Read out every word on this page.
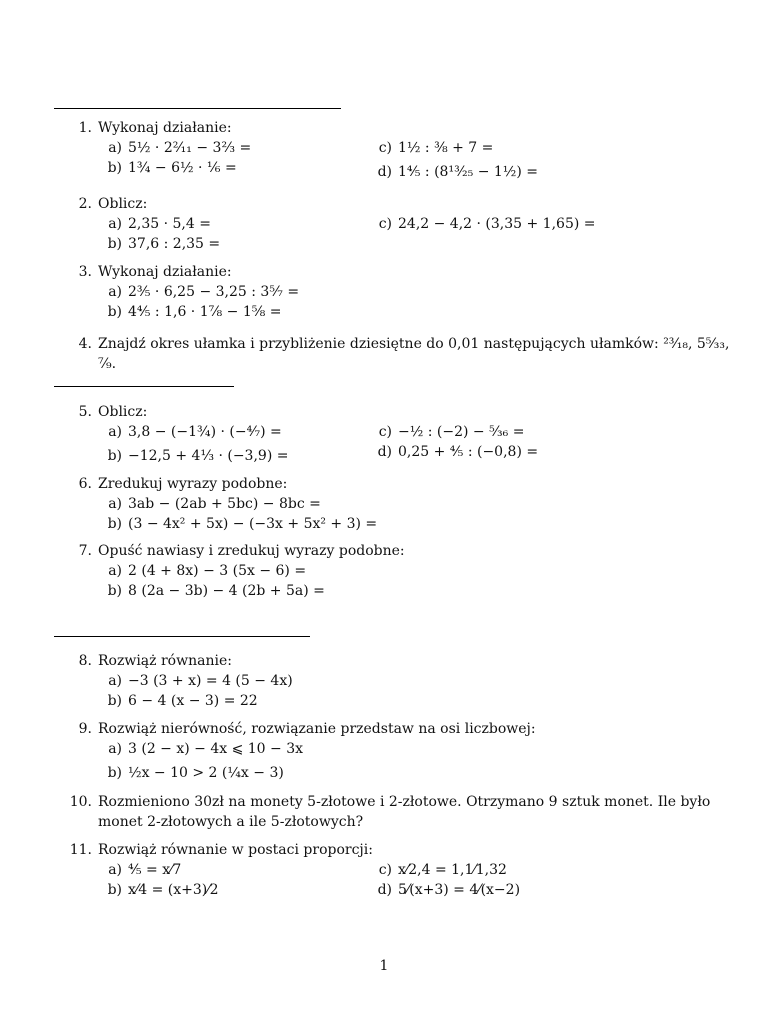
1. Wykonaj działanie:
a) 5½ · 2²⁄₁₁ − 3⅔ =
b) 1¾ − 6½ · ⅙ =
c) 1½ : ⅜ + 7 =
d) 1⅘ : (8¹³⁄₂₅ − 1½) =
2. Oblicz:
a) 2,35 · 5,4 =
b) 37,6 : 2,35 =
c) 24,2 − 4,2 · (3,35 + 1,65) =
3. Wykonaj działanie:
a) 2⅗ · 6,25 − 3,25 : 3⁵⁄₇ =
b) 4⅘ : 1,6 · 1⅞ − 1⅝ =
4. Znajdź okres ułamka i przybliżenie dziesiętne do 0,01 następujących ułamków: ²³⁄₁₈, 5⁵⁄₃₃, ⁷⁄₉.
5. Oblicz:
a) 3,8 − (−1¾) · (−⁴⁄₇) =
b) −12,5 + 4⅓ · (−3,9) =
c) −½ : (−2) − ⁵⁄₃₆ =
d) 0,25 + ⅘ : (−0,8) =
6. Zredukuj wyrazy podobne:
a) 3ab − (2ab + 5bc) − 8bc =
b) (3 − 4x² + 5x) − (−3x + 5x² + 3) =
7. Opuść nawiasy i zredukuj wyrazy podobne:
a) 2 (4 + 8x) − 3 (5x − 6) =
b) 8 (2a − 3b) − 4 (2b + 5a) =
8. Rozwiąż równanie:
a) −3 (3 + x) = 4 (5 − 4x)
b) 6 − 4 (x − 3) = 22
9. Rozwiąż nierówność, rozwiązanie przedstaw na osi liczbowej:
a) 3 (2 − x) − 4x ⩽ 10 − 3x
b) ½x − 10 > 2 (¼x − 3)
10. Rozmieniono 30zł na monety 5-złotowe i 2-złotowe. Otrzymano 9 sztuk monet. Ile było monet 2-złotowych a ile 5-złotowych?
11. Rozwiąż równanie w postaci proporcji:
a) ⅘ = x⁄7
b) x⁄4 = (x+3)⁄2
c) x⁄2,4 = 1,1⁄1,32
d) 5⁄(x+3) = 4⁄(x−2)
1
